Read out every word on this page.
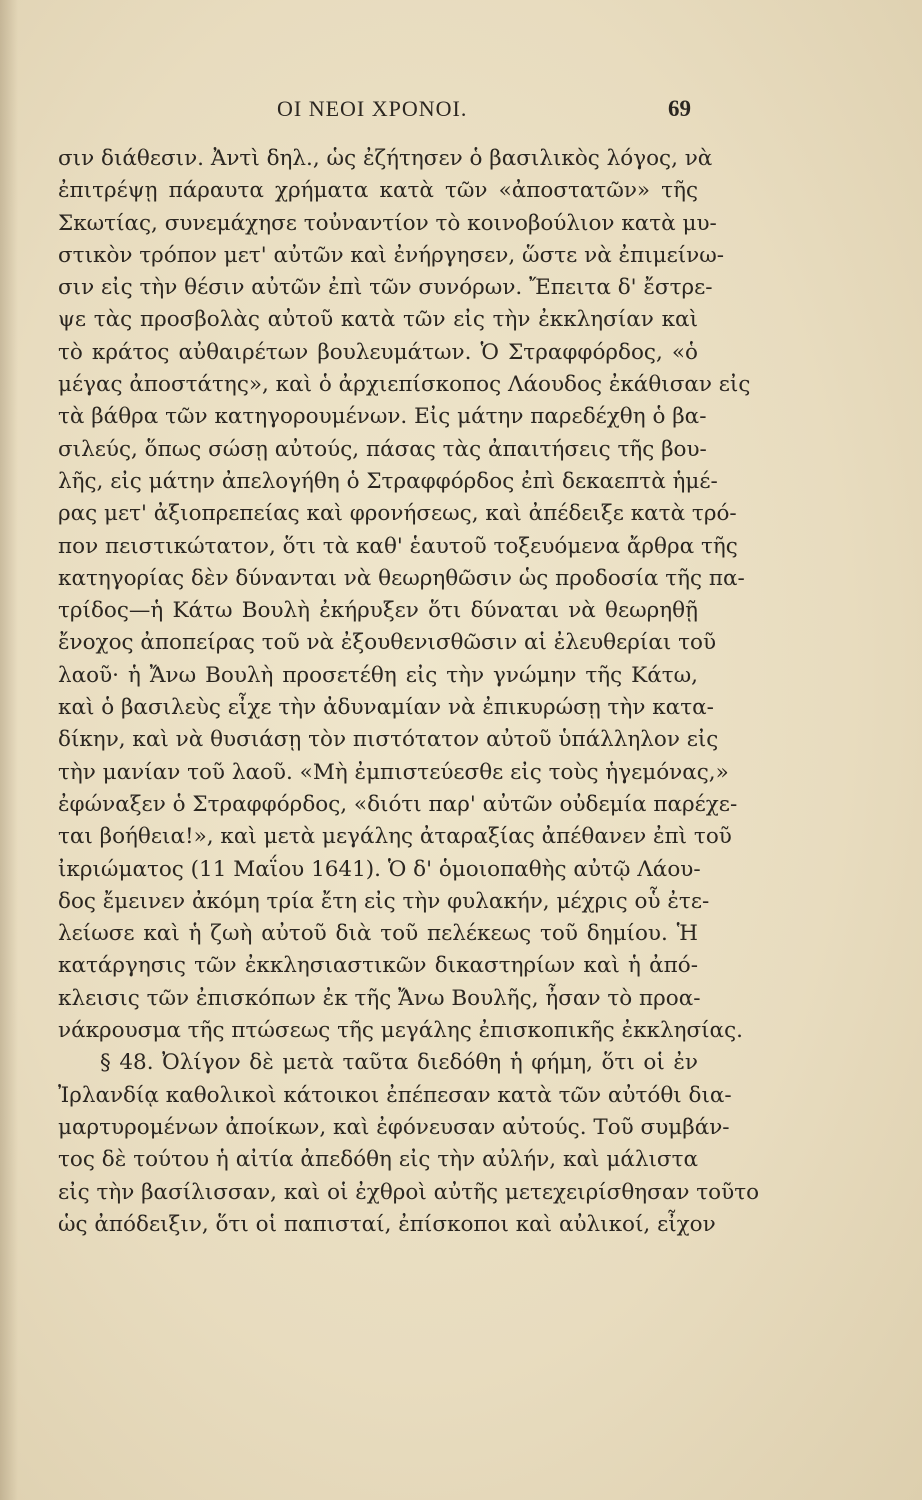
ΟΙ ΝΕΟΙ ΧΡΟΝΟΙ.	69
σιν διάθεσιν. Ἀντὶ δηλ., ὡς ἐζήτησεν ὁ βασιλικὸς λόγος, νὰ
ἐπιτρέψῃ πάραυτα χρήματα κατὰ τῶν «ἀποστατῶν» τῆς
Σκωτίας, συνεμάχησε τοὐναντίον τὸ κοινοβούλιον κατὰ μυ-
στικὸν τρόπον μετ' αὐτῶν καὶ ἐνήργησεν, ὥστε νὰ ἐπιμείνω-
σιν εἰς τὴν θέσιν αὐτῶν ἐπὶ τῶν συνόρων. Ἔπειτα δ' ἔστρε-
ψε τὰς προσβολὰς αὐτοῦ κατὰ τῶν εἰς τὴν ἐκκλησίαν καὶ
τὸ κράτος αὐθαιρέτων βουλευμάτων. Ὁ Στραφφόρδος, «ὁ
μέγας ἀποστάτης», καὶ ὁ ἀρχιεπίσκοπος Λάουδος ἐκάθισαν εἰς
τὰ βάθρα τῶν κατηγορουμένων. Εἰς μάτην παρεδέχθη ὁ βα-
σιλεύς, ὅπως σώσῃ αὐτούς, πάσας τὰς ἀπαιτήσεις τῆς βου-
λῆς, εἰς μάτην ἀπελογήθη ὁ Στραφφόρδος ἐπὶ δεκαεπτὰ ἡμέ-
ρας μετ' ἀξιοπρεπείας καὶ φρονήσεως, καὶ ἀπέδειξε κατὰ τρό-
πον πειστικώτατον, ὅτι τὰ καθ' ἑαυτοῦ τοξευόμενα ἄρθρα τῆς
κατηγορίας δὲν δύνανται νὰ θεωρηθῶσιν ὡς προδοσία τῆς πα-
τρίδος—ἡ Κάτω Βουλὴ ἐκήρυξεν ὅτι δύναται νὰ θεωρηθῇ
ἔνοχος ἀποπείρας τοῦ νὰ ἐξουθενισθῶσιν αἱ ἐλευθερίαι τοῦ
λαοῦ· ἡ Ἄνω Βουλὴ προσετέθη εἰς τὴν γνώμην τῆς Κάτω,
καὶ ὁ βασιλεὺς εἶχε τὴν ἀδυναμίαν νὰ ἐπικυρώσῃ τὴν κατα-
δίκην, καὶ νὰ θυσιάσῃ τὸν πιστότατον αὐτοῦ ὑπάλληλον εἰς
τὴν μανίαν τοῦ λαοῦ. «Μὴ ἐμπιστεύεσθε εἰς τοὺς ἡγεμόνας,»
ἐφώναξεν ὁ Στραφφόρδος, «διότι παρ' αὐτῶν οὐδεμία παρέχε-
ται βοήθεια!», καὶ μετὰ μεγάλης ἀταραξίας ἀπέθανεν ἐπὶ τοῦ
ἰκριώματος (11 Μαΐου 1641). Ὁ δ' ὁμοιοπαθὴς αὐτῷ Λάου-
δος ἔμεινεν ἀκόμη τρία ἔτη εἰς τὴν φυλακήν, μέχρις οὗ ἐτε-
λείωσε καὶ ἡ ζωὴ αὐτοῦ διὰ τοῦ πελέκεως τοῦ δημίου. Ἡ
κατάργησις τῶν ἐκκλησιαστικῶν δικαστηρίων καὶ ἡ ἀπό-
κλεισις τῶν ἐπισκόπων ἐκ τῆς Ἄνω Βουλῆς, ἦσαν τὸ προα-
νάκρουσμα τῆς πτώσεως τῆς μεγάλης ἐπισκοπικῆς ἐκκλησίας.
§ 48. Ὀλίγον δὲ μετὰ ταῦτα διεδόθη ἡ φήμη, ὅτι οἱ ἐν
Ἰρλανδίᾳ καθολικοὶ κάτοικοι ἐπέπεσαν κατὰ τῶν αὐτόθι δια-
μαρτυρομένων ἀποίκων, καὶ ἐφόνευσαν αὐτούς. Τοῦ συμβάν-
τος δὲ τούτου ἡ αἰτία ἀπεδόθη εἰς τὴν αὐλήν, καὶ μάλιστα
εἰς τὴν βασίλισσαν, καὶ οἱ ἐχθροὶ αὐτῆς μετεχειρίσθησαν τοῦτο
ὡς ἀπόδειξιν, ὅτι οἱ παπισταί, ἐπίσκοποι καὶ αὐλικοί, εἶχον
